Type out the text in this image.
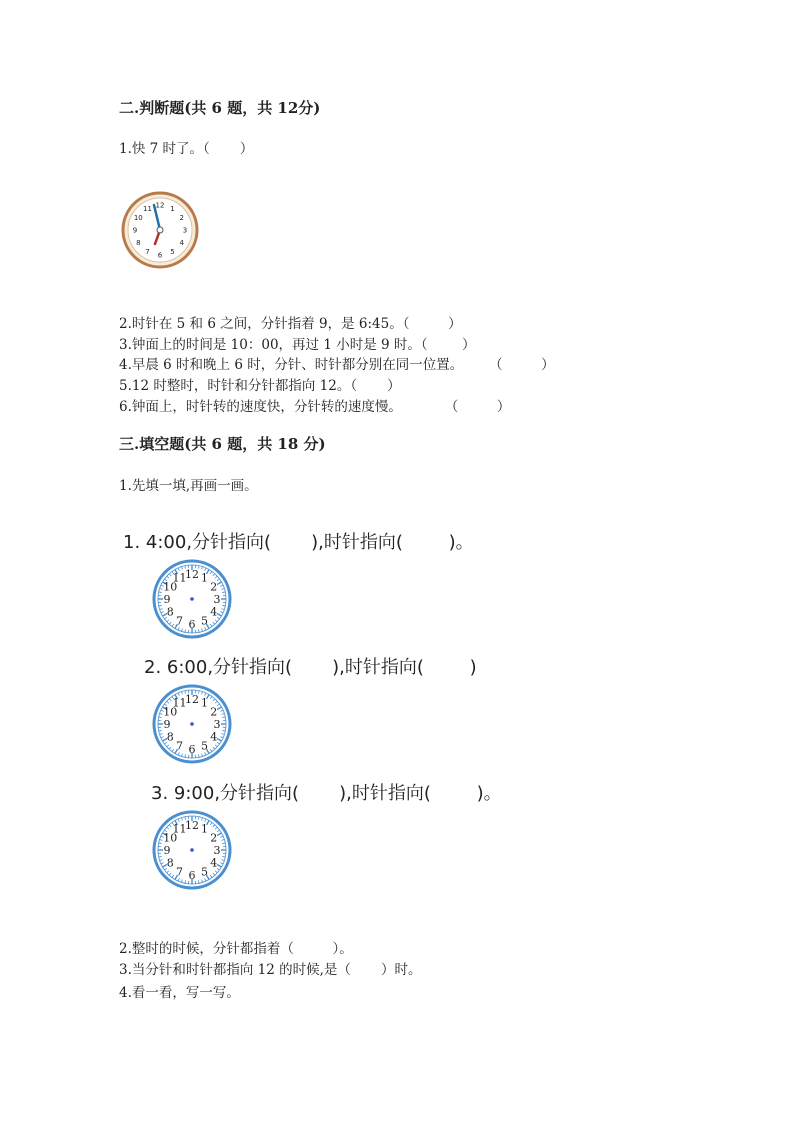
二.判断题(共 6 题，共 12分)
1.快 7 时了。（       ）
12 1
2
3
4
5
6
7
8
9
10
11
2.时针在 5 和 6 之间，分针指着 9，是 6:45。（         ）
3.钟面上的时间是 10：00，再过 1 小时是 9 时。（        ）
4.早晨 6 时和晚上 6 时，分针、时针都分别在同一位置。      （         ）
5.12 时整时，时针和分针都指向 12。（       ）
6.钟面上，时针转的速度快，分针转的速度慢。          （         ）
三.填空题(共 6 题，共 18 分)
1.先填一填,再画一画。
1. 4:00,分针指向(       ),时针指向(        )。
12 1
2
3
4
5
6
7
8
9
10
11
2. 6:00,分针指向(       ),时针指向(        )
12 1
2
3
4
5
6
7
8
9
10
11
3. 9:00,分针指向(       ),时针指向(        )。
12 1
2
3
4
5
6
7
8
9
10
11
2.整时的时候，分针都指着（         ）。
3.当分针和时针都指向 12 的时候,是（       ）时。
4.看一看，写一写。
